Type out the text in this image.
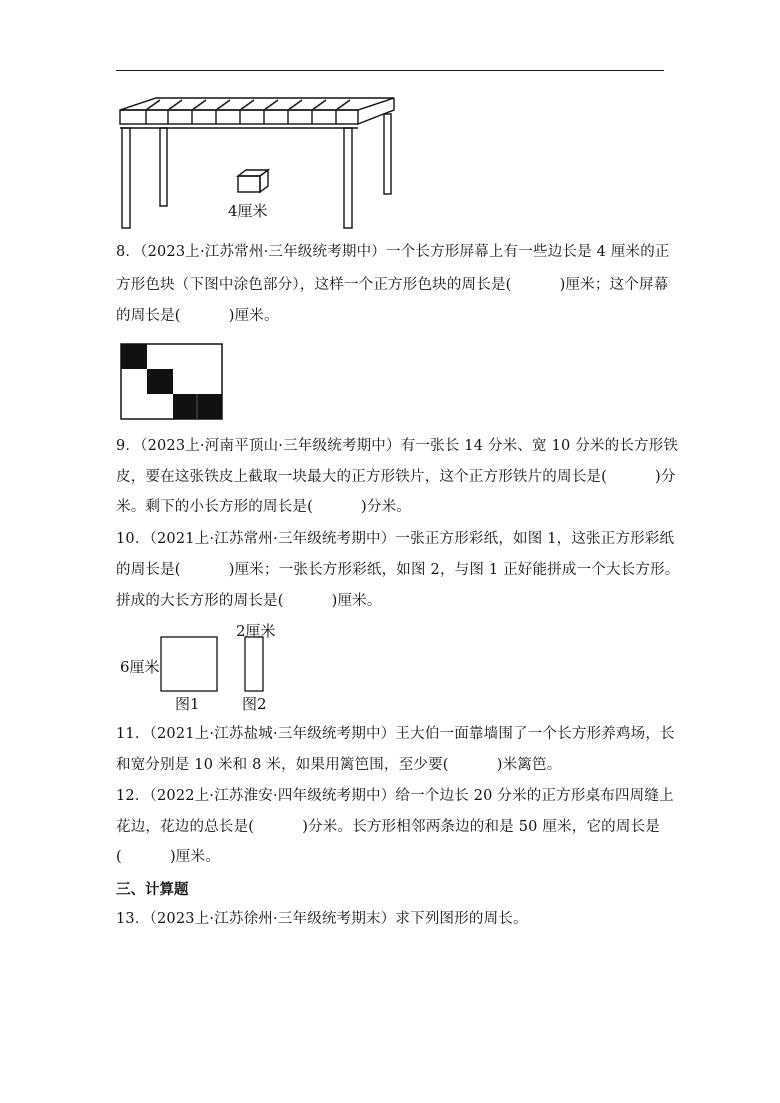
4厘米
8．（2023上·江苏常州·三年级统考期中）一个长方形屏幕上有一些边长是 4 厘米的正
方形色块（下图中涂色部分），这样一个正方形色块的周长是(          )厘米；这个屏幕
的周长是(          )厘米。
9．（2023上·河南平顶山·三年级统考期中）有一张长 14 分米、宽 10 分米的长方形铁
皮，要在这张铁皮上截取一块最大的正方形铁片，这个正方形铁片的周长是(          )分
米。剩下的小长方形的周长是(          )分米。
10．（2021上·江苏常州·三年级统考期中）一张正方形彩纸，如图 1，这张正方形彩纸
的周长是(          )厘米；一张长方形彩纸，如图 2，与图 1 正好能拼成一个大长方形。
拼成的大长方形的周长是(          )厘米。
6厘米
2厘米
图1	图2
11．（2021上·江苏盐城·三年级统考期中）王大伯一面靠墙围了一个长方形养鸡场，长
和宽分别是 10 米和 8 米，如果用篱笆围，至少要(          )米篱笆。
12．（2022上·江苏淮安·四年级统考期中）给一个边长 20 分米的正方形桌布四周缝上
花边，花边的总长是(          )分米。长方形相邻两条边的和是 50 厘米，它的周长是
(          )厘米。
三、计算题
13．（2023上·江苏徐州·三年级统考期末）求下列图形的周长。
